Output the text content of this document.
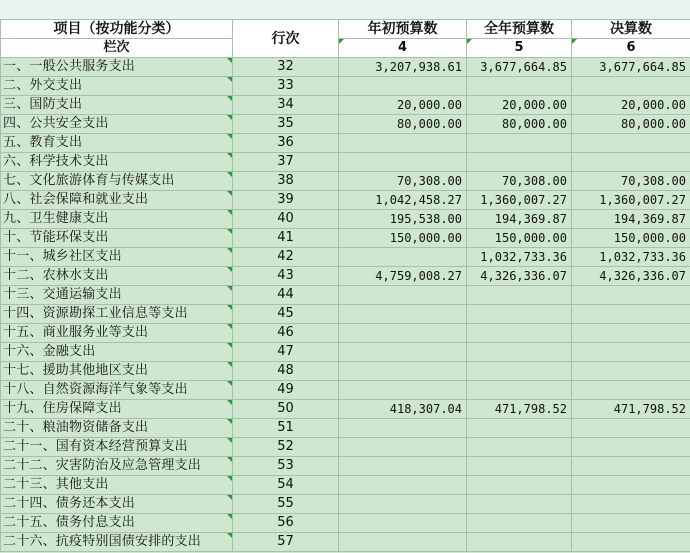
项目（按功能分类）	行次	年初预算数	全年预算数	决算数
栏次		4	5	6
一、一般公共服务支出	32	3,207,938.61	3,677,664.85	3,677,664.85
二、外交支出	33			
三、国防支出	34	20,000.00	20,000.00	20,000.00
四、公共安全支出	35	80,000.00	80,000.00	80,000.00
五、教育支出	36			
六、科学技术支出	37			
七、文化旅游体育与传媒支出	38	70,308.00	70,308.00	70,308.00
八、社会保障和就业支出	39	1,042,458.27	1,360,007.27	1,360,007.27
九、卫生健康支出	40	195,538.00	194,369.87	194,369.87
十、节能环保支出	41	150,000.00	150,000.00	150,000.00
十一、城乡社区支出	42		1,032,733.36	1,032,733.36
十二、农林水支出	43	4,759,008.27	4,326,336.07	4,326,336.07
十三、交通运输支出	44			
十四、资源勘探工业信息等支出	45			
十五、商业服务业等支出	46			
十六、金融支出	47			
十七、援助其他地区支出	48			
十八、自然资源海洋气象等支出	49			
十九、住房保障支出	50	418,307.04	471,798.52	471,798.52
二十、粮油物资储备支出	51			
二十一、国有资本经营预算支出	52			
二十二、灾害防治及应急管理支出	53			
二十三、其他支出	54			
二十四、债务还本支出	55			
二十五、债务付息支出	56			
二十六、抗疫特别国债安排的支出	57			
